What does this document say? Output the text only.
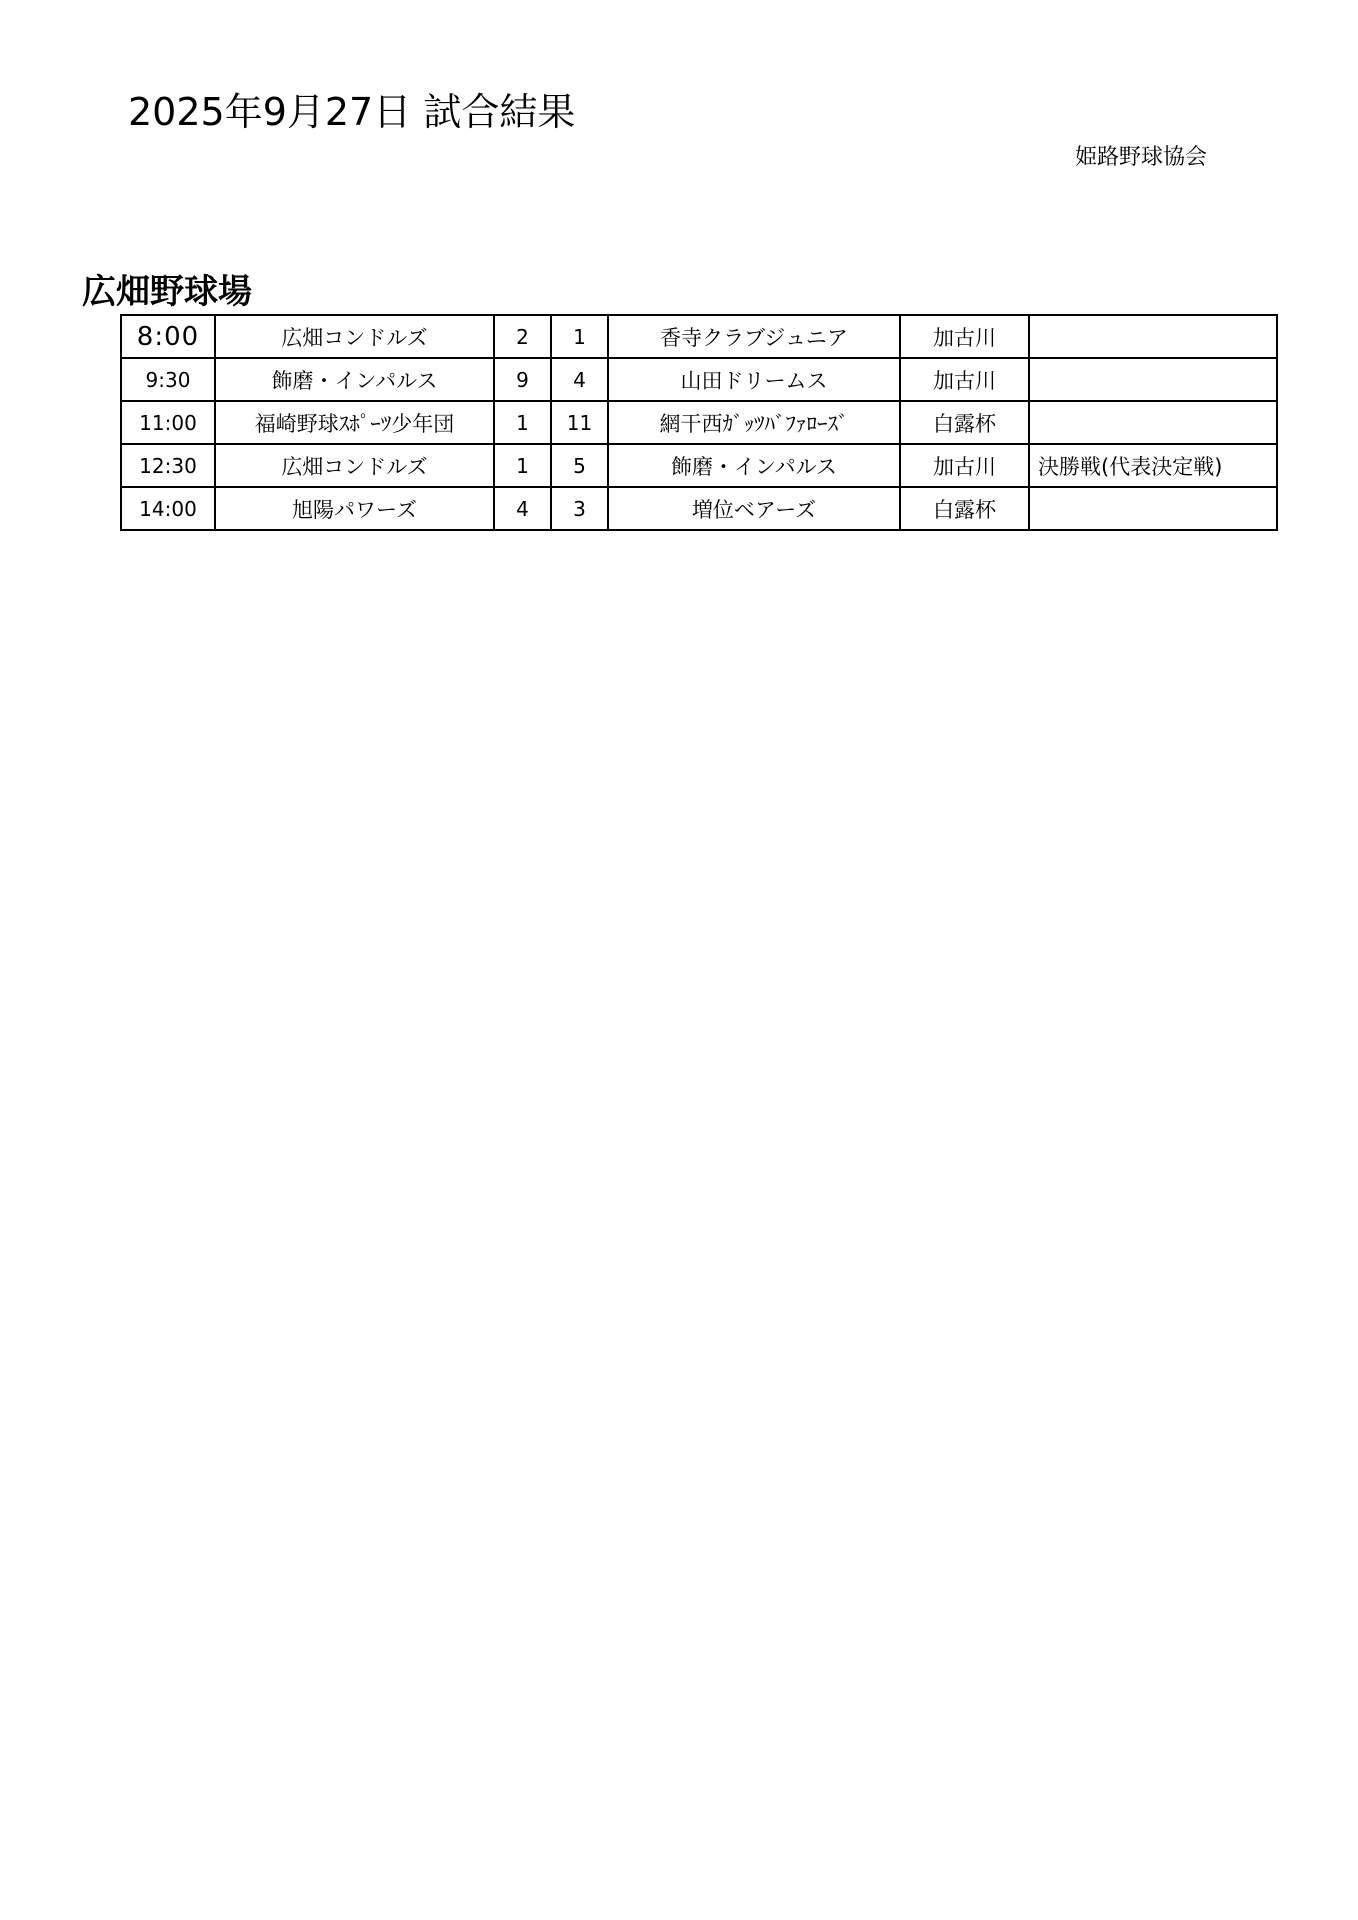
2025年9月27日 試合結果
姫路野球協会
広畑野球場
8:00	広畑コンドルズ	2	1	香寺クラブジュニア	加古川	
9:30	飾磨・インパルス	9	4	山田ドリームス	加古川	
11:00	福崎野球ｽﾎﾟｰﾂ少年団	1	11	網干西ｶﾞｯﾂﾊﾞﾌｧﾛｰｽﾞ	白露杯	
12:30	広畑コンドルズ	1	5	飾磨・インパルス	加古川	決勝戦(代表決定戦)
14:00	旭陽パワーズ	4	3	増位ベアーズ	白露杯	
